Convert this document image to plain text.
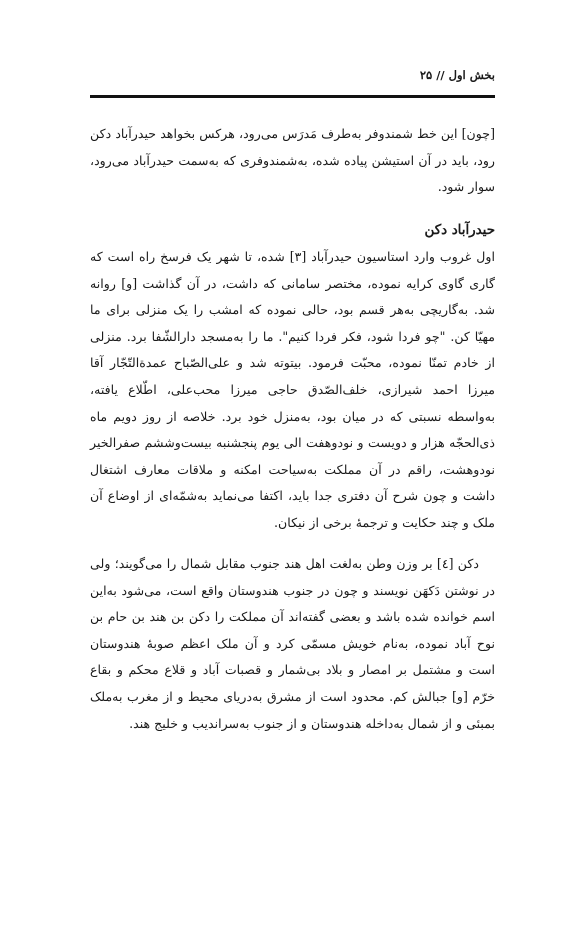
بخش اول // ۲۵

[چون] این خط شمندوفر به‌طرف مَدرَس می‌رود، هرکس بخواهد حیدرآباد دکن رود، باید در آن استیشن پیاده شده، به‌شمندوفری که به‌سمت حیدرآباد می‌رود، سوار شود.

حیدرآباد دکن

اول غروب وارد استاسیون حیدرآباد [۳] شده، تا شهر یک فرسخ راه است که گاری گاوی کرایه نموده، مختصر سامانی که داشت، در آن گذاشت [و] روانه شد. به‌گاریچی به‌هر قسم بود، حالی نموده که امشب را یک منزلی برای ما مهیّا کن. "چو فردا شود، فکر فردا کنیم". ما را به‌مسجد دارالشّفا برد. منزلی از خادم تمنّا نموده، محبّت فرمود. بیتوته شد و علی‌الصّباح عمدةالتّجّار آقا میرزا احمد شیرازی، خلف‌الصّدق حاجی میرزا محب‌علی، اطّلاع یافته، به‌واسطه نسبتی که در میان بود، به‌منزل خود برد. خلاصه از روز دویم ماه ذی‌الحجّه هزار و دویست و نودوهفت الی یوم پنجشنبه بیست‌وششم صفرالخیر نودوهشت، راقم در آن مملکت به‌سیاحت امکنه و ملاقات معارف اشتغال داشت و چون شرح آن دفتری جدا باید، اکتفا می‌نماید به‌شمّه‌ای از اوضاع آن ملک و چند حکایت و ترجمهٔ برخی از نیکان.

دکن [٤] بر وزن وطن به‌لغت اهل هند جنوب مقابل شمال را می‌گویند؛ ولی در نوشتن دَکهَن نویسند و چون در جنوب هندوستان واقع است، می‌شود به‌این اسم خوانده شده باشد و بعضی گفته‌اند آن مملکت را دکن بن هند بن حام بن نوح آباد نموده، به‌نام خویش مسمّی کرد و آن ملک اعظم صوبهٔ هندوستان است و مشتمل بر امصار و بلاد بی‌شمار و قصبات آباد و قلاع محکم و بقاع خرّم [و] جبالش کم. محدود است از مشرق به‌دریای محیط و از مغرب به‌ملک بمبئی و از شمال به‌داخله هندوستان و از جنوب به‌سراندیب و خلیج هند.
